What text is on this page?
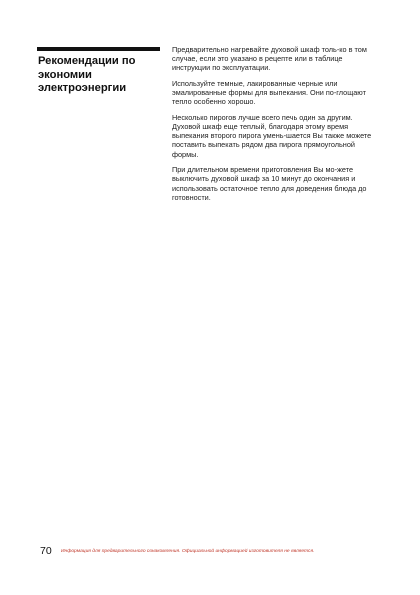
Рекомендации по экономии электроэнергии

Предварительно нагревайте духовой шкаф толь-ко в том случае, если это указано в рецепте или в таблице инструкции по эксплуатации.

Используйте темные, лакированные черные или эмалированные формы для выпекания. Они по-глощают тепло особенно хорошо.

Несколько пирогов лучше всего печь один за другим. Духовой шкаф еще теплый, благодаря этому время выпекания второго пирога умень-шается Вы также можете поставить выпекать рядом два пирога прямоугольной формы.

При длительном времени приготовления Вы мо-жете выключить духовой шкаф за 10 минут до окончания и использовать остаточное тепло для доведения блюда до готовности.

70 Информация для предварительного ознакомления. Официальной информацией изготовителя не является.
